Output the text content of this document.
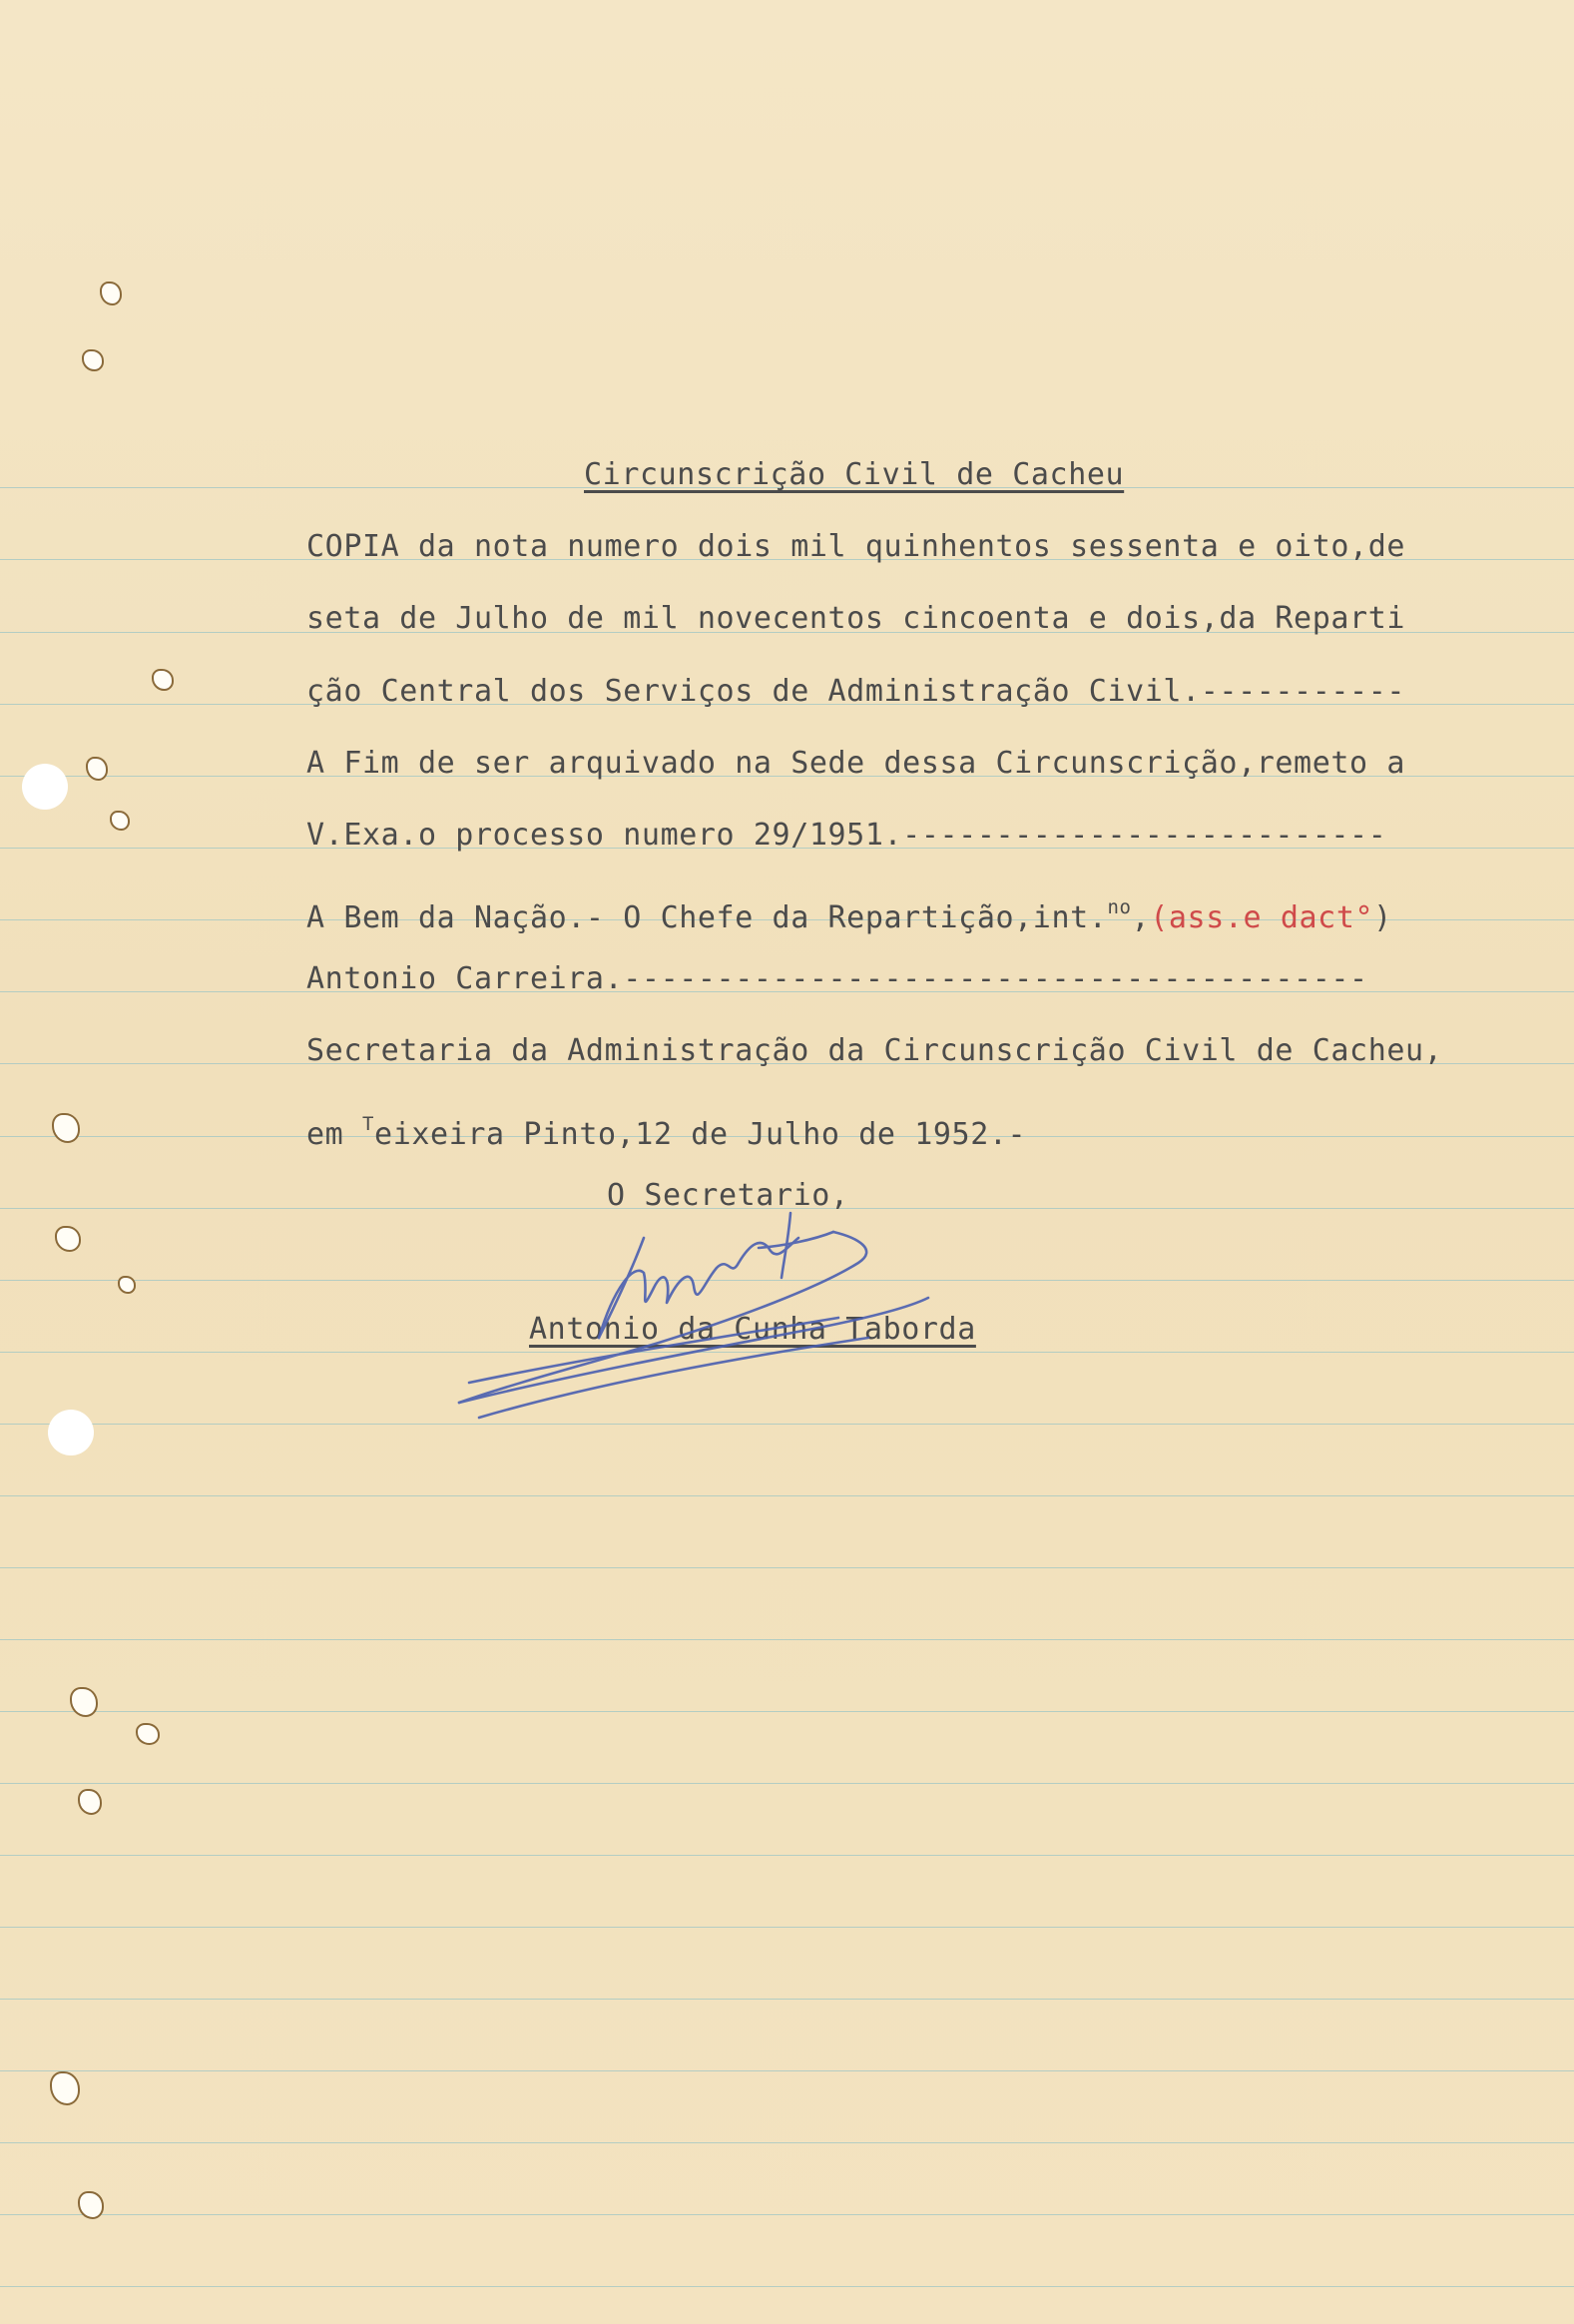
Circunscrição Civil de Cacheu
COPIA da nota numero dois mil quinhentos sessenta e oito,de
seta de Julho de mil novecentos cincoenta e dois,da Reparti
ção Central dos Serviços de Administração Civil.-----------
A Fim de ser arquivado na Sede dessa Circunscrição,remeto a
V.Exa.o processo numero 29/1951.--------------------------
A Bem da Nação.- O Chefe da Repartição,int.$^{no}$,(ass.e dact°)
Antonio Carreira.----------------------------------------
Secretaria da Administração da Circunscrição Civil de Cacheu,
em $^T$eixeira Pinto,12 de Julho de 1952.-
O Secretario,
Antonio da Cunha Taborda
